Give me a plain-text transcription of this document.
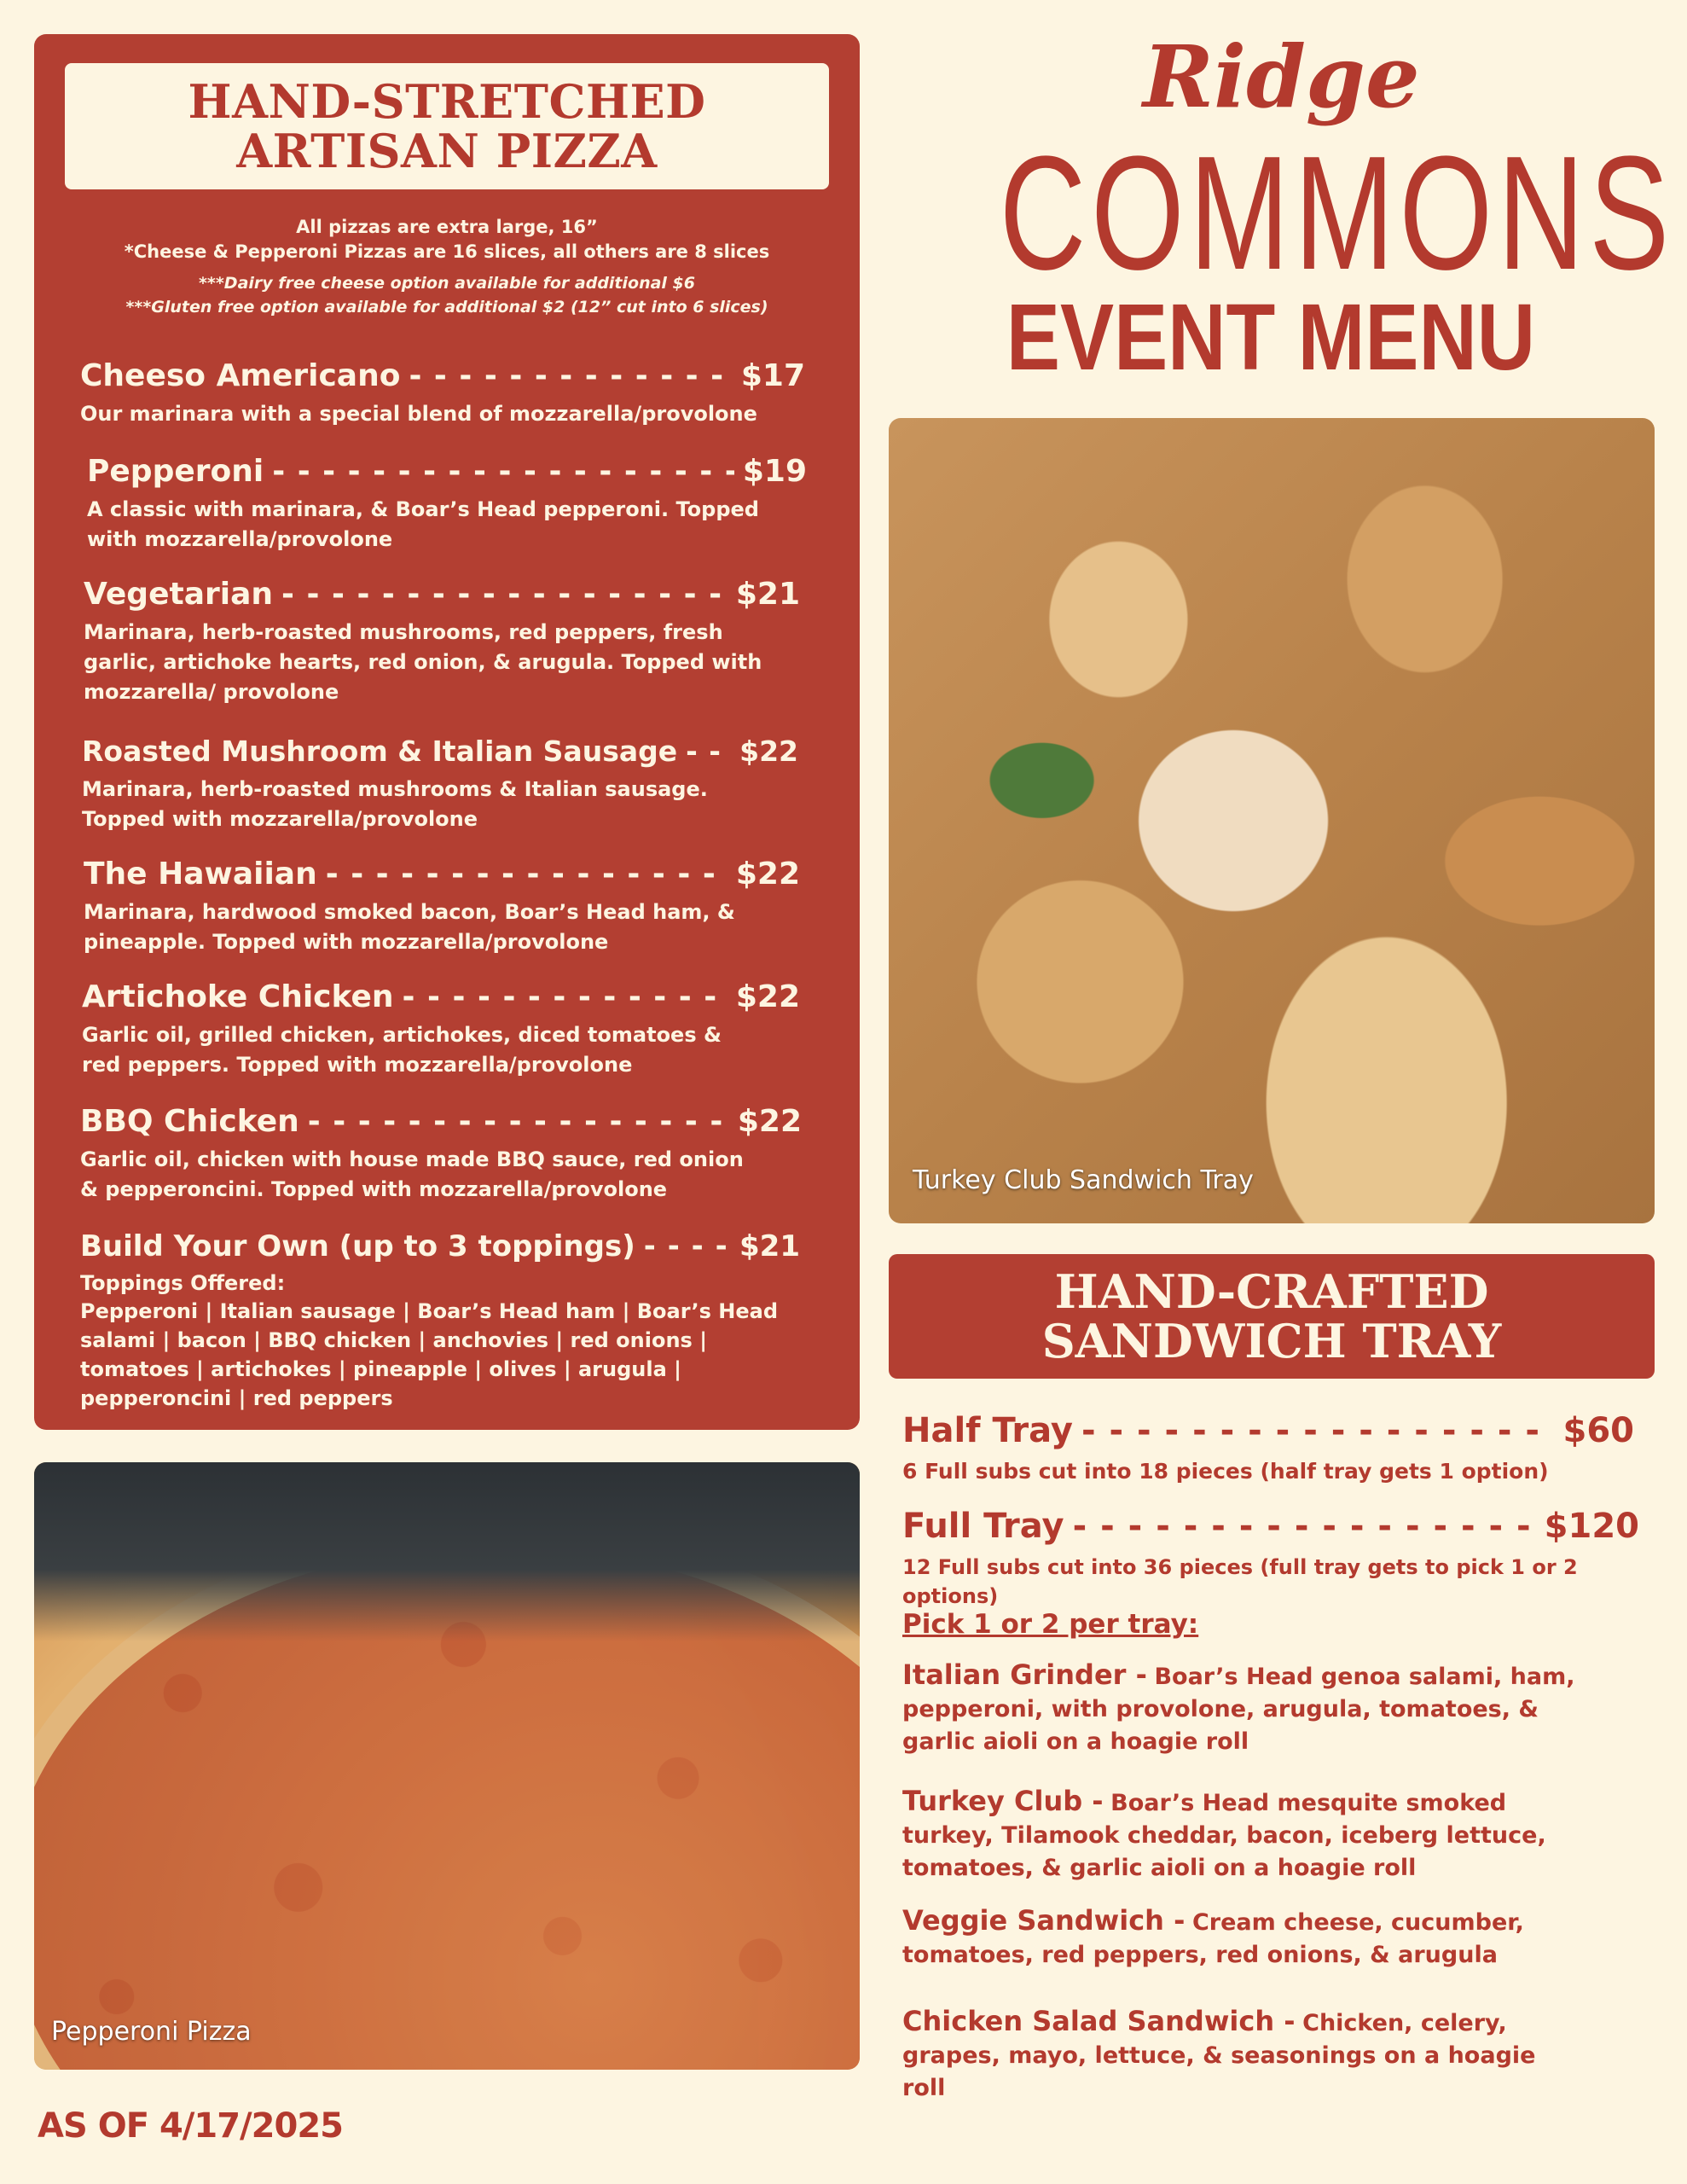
HAND-STRETCHED
ARTISAN PIZZA
All pizzas are extra large, 16”
*Cheese & Pepperoni Pizzas are 16 slices, all others are 8 slices
***Dairy free cheese option available for additional $6
***Gluten free option available for additional $2 (12” cut into 6 slices)
Cheeso Americano - - -	$17
Our marinara with a special blend of mozzarella/provolone
Pepperoni - - -	$19
A classic with marinara, & Boar’s Head pepperoni. Topped with mozzarella/provolone
Vegetarian - - -	$21
Marinara, herb-roasted mushrooms, red peppers, fresh garlic, artichoke hearts, red onion, & arugula. Topped with mozzarella/ provolone
Roasted Mushroom & Italian Sausage - - - $22
Marinara, herb-roasted mushrooms & Italian sausage. Topped with mozzarella/provolone
The Hawaiian - - -	$22
Marinara, hardwood smoked bacon, Boar’s Head ham, & pineapple. Topped with mozzarella/provolone
Artichoke Chicken - - -	$22
Garlic oil, grilled chicken, artichokes, diced tomatoes & red peppers. Topped with mozzarella/provolone
BBQ Chicken - - -	$22
Garlic oil, chicken with house made BBQ sauce, red onion & pepperoncini. Topped with mozzarella/provolone
Build Your Own (up to 3 toppings) - - -	$21
Toppings Offered:
Pepperoni | Italian sausage | Boar’s Head ham | Boar’s Head salami | bacon | BBQ chicken | anchovies | red onions | tomatoes | artichokes | pineapple | olives | arugula | pepperoncini | red peppers
Pepperoni Pizza
Ridge
COMMONS
EVENT MENU
Turkey Club Sandwich Tray
HAND-CRAFTED
SANDWICH TRAY
Half Tray - - -	$60
6 Full subs cut into 18 pieces (half tray gets 1 option)
Full Tray - - -	$120
12 Full subs cut into 36 pieces (full tray gets to pick 1 or 2 options)
Pick 1 or 2 per tray:
Italian Grinder - Boar’s Head genoa salami, ham, pepperoni, with provolone, arugula, tomatoes, & garlic aioli on a hoagie roll
Turkey Club - Boar’s Head mesquite smoked turkey, Tilamook cheddar, bacon, iceberg lettuce, tomatoes, & garlic aioli on a hoagie roll
Veggie Sandwich - Cream cheese, cucumber, tomatoes, red peppers, red onions, & arugula
Chicken Salad Sandwich - Chicken, celery, grapes, mayo, lettuce, & seasonings on a hoagie roll
AS OF 4/17/2025
